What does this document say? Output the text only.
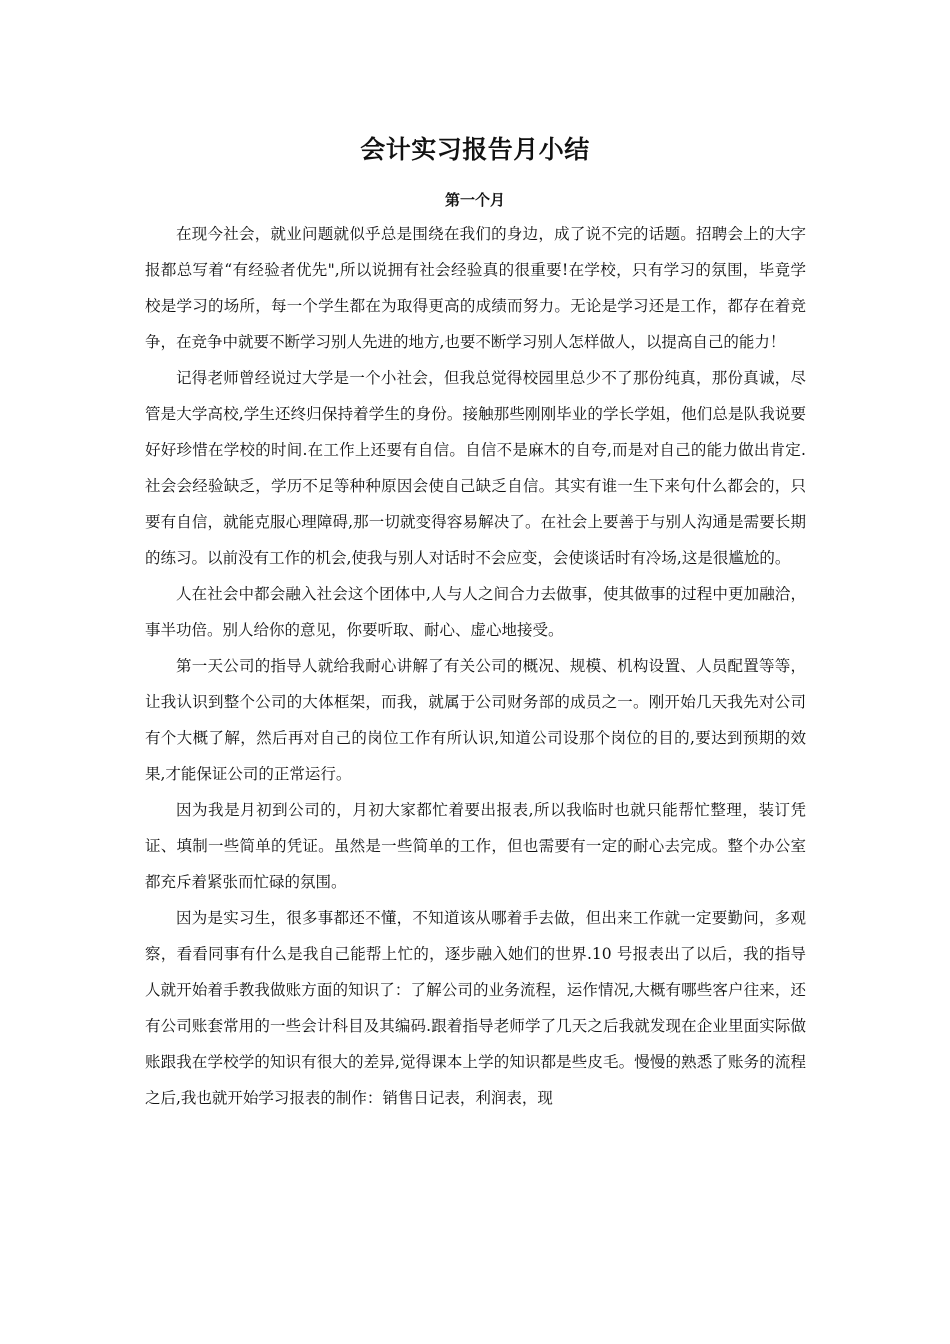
会计实习报告月小结
第一个月

在现今社会，就业问题就似乎总是围绕在我们的身边，成了说不完的话题。招聘会上的大字报都总写着“有经验者优先",所以说拥有社会经验真的很重要!在学校，只有学习的氛围，毕竟学校是学习的场所，每一个学生都在为取得更高的成绩而努力。无论是学习还是工作，都存在着竞争，在竞争中就要不断学习别人先进的地方,也要不断学习别人怎样做人，以提高自己的能力！

记得老师曾经说过大学是一个小社会，但我总觉得校园里总少不了那份纯真，那份真诚，尽管是大学高校,学生还终归保持着学生的身份。接触那些刚刚毕业的学长学姐，他们总是队我说要好好珍惜在学校的时间.在工作上还要有自信。自信不是麻木的自夸,而是对自己的能力做出肯定.社会会经验缺乏，学历不足等种种原因会使自己缺乏自信。其实有谁一生下来句什么都会的，只要有自信，就能克服心理障碍,那一切就变得容易解决了。在社会上要善于与别人沟通是需要长期的练习。以前没有工作的机会,使我与别人对话时不会应变，会使谈话时有冷场,这是很尴尬的。

人在社会中都会融入社会这个团体中,人与人之间合力去做事，使其做事的过程中更加融洽，事半功倍。别人给你的意见，你要听取、耐心、虚心地接受。

第一天公司的指导人就给我耐心讲解了有关公司的概况、规模、机构设置、人员配置等等，让我认识到整个公司的大体框架，而我，就属于公司财务部的成员之一。刚开始几天我先对公司有个大概了解，然后再对自己的岗位工作有所认识,知道公司设那个岗位的目的,要达到预期的效果,才能保证公司的正常运行。

因为我是月初到公司的，月初大家都忙着要出报表,所以我临时也就只能帮忙整理，装订凭证、填制一些简单的凭证。虽然是一些简单的工作，但也需要有一定的耐心去完成。整个办公室都充斥着紧张而忙碌的氛围。

因为是实习生，很多事都还不懂，不知道该从哪着手去做，但出来工作就一定要勤问，多观察，看看同事有什么是我自己能帮上忙的，逐步融入她们的世界.10 号报表出了以后，我的指导人就开始着手教我做账方面的知识了：了解公司的业务流程，运作情况,大概有哪些客户往来，还有公司账套常用的一些会计科目及其编码.跟着指导老师学了几天之后我就发现在企业里面实际做账跟我在学校学的知识有很大的差异,觉得课本上学的知识都是些皮毛。慢慢的熟悉了账务的流程之后,我也就开始学习报表的制作：销售日记表，利润表，现
